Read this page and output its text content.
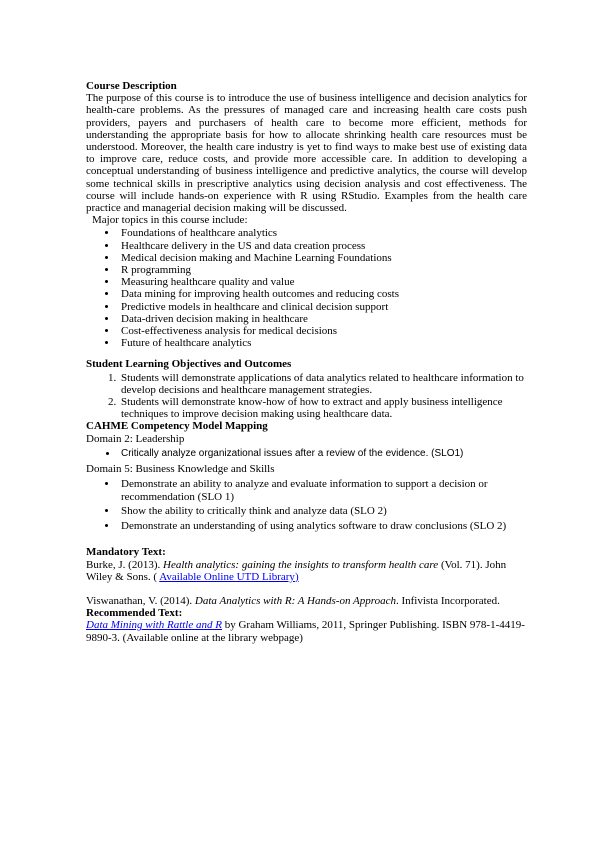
Course Description

The purpose of this course is to introduce the use of business intelligence and decision analytics for health-care problems. As the pressures of managed care and increasing health care costs push providers, payers and purchasers of health care to become more efficient, methods for understanding the appropriate basis for how to allocate shrinking health care resources must be understood. Moreover, the health care industry is yet to find ways to make best use of existing data to improve care, reduce costs, and provide more accessible care. In addition to developing a conceptual understanding of business intelligence and predictive analytics, the course will develop some technical skills in prescriptive analytics using decision analysis and cost effectiveness. The course will include hands-on experience with R using RStudio. Examples from the health care practice and managerial decision making will be discussed.

Major topics in this course include:

• Foundations of healthcare analytics
• Healthcare delivery in the US and data creation process
• Medical decision making and Machine Learning Foundations
• R programming
• Measuring healthcare quality and value
• Data mining for improving health outcomes and reducing costs
• Predictive models in healthcare and clinical decision support
• Data-driven decision making in healthcare
• Cost-effectiveness analysis for medical decisions
• Future of healthcare analytics

Student Learning Objectives and Outcomes

1. Students will demonstrate applications of data analytics related to healthcare information to develop decisions and healthcare management strategies.
2. Students will demonstrate know-how of how to extract and apply business intelligence techniques to improve decision making using healthcare data.

CAHME Competency Model Mapping

Domain 2: Leadership

• Critically analyze organizational issues after a review of the evidence. (SLO1)

Domain 5: Business Knowledge and Skills

• Demonstrate an ability to analyze and evaluate information to support a decision or recommendation (SLO 1)
• Show the ability to critically think and analyze data (SLO 2)
• Demonstrate an understanding of using analytics software to draw conclusions (SLO 2)

Mandatory Text:

Burke, J. (2013). Health analytics: gaining the insights to transform health care (Vol. 71). John Wiley & Sons. ( Available Online UTD Library)

Viswanathan, V. (2014). Data Analytics with R: A Hands-on Approach. Infivista Incorporated.

Recommended Text:

Data Mining with Rattle and R by Graham Williams, 2011, Springer Publishing. ISBN 978-1-4419-9890-3. (Available online at the library webpage)
